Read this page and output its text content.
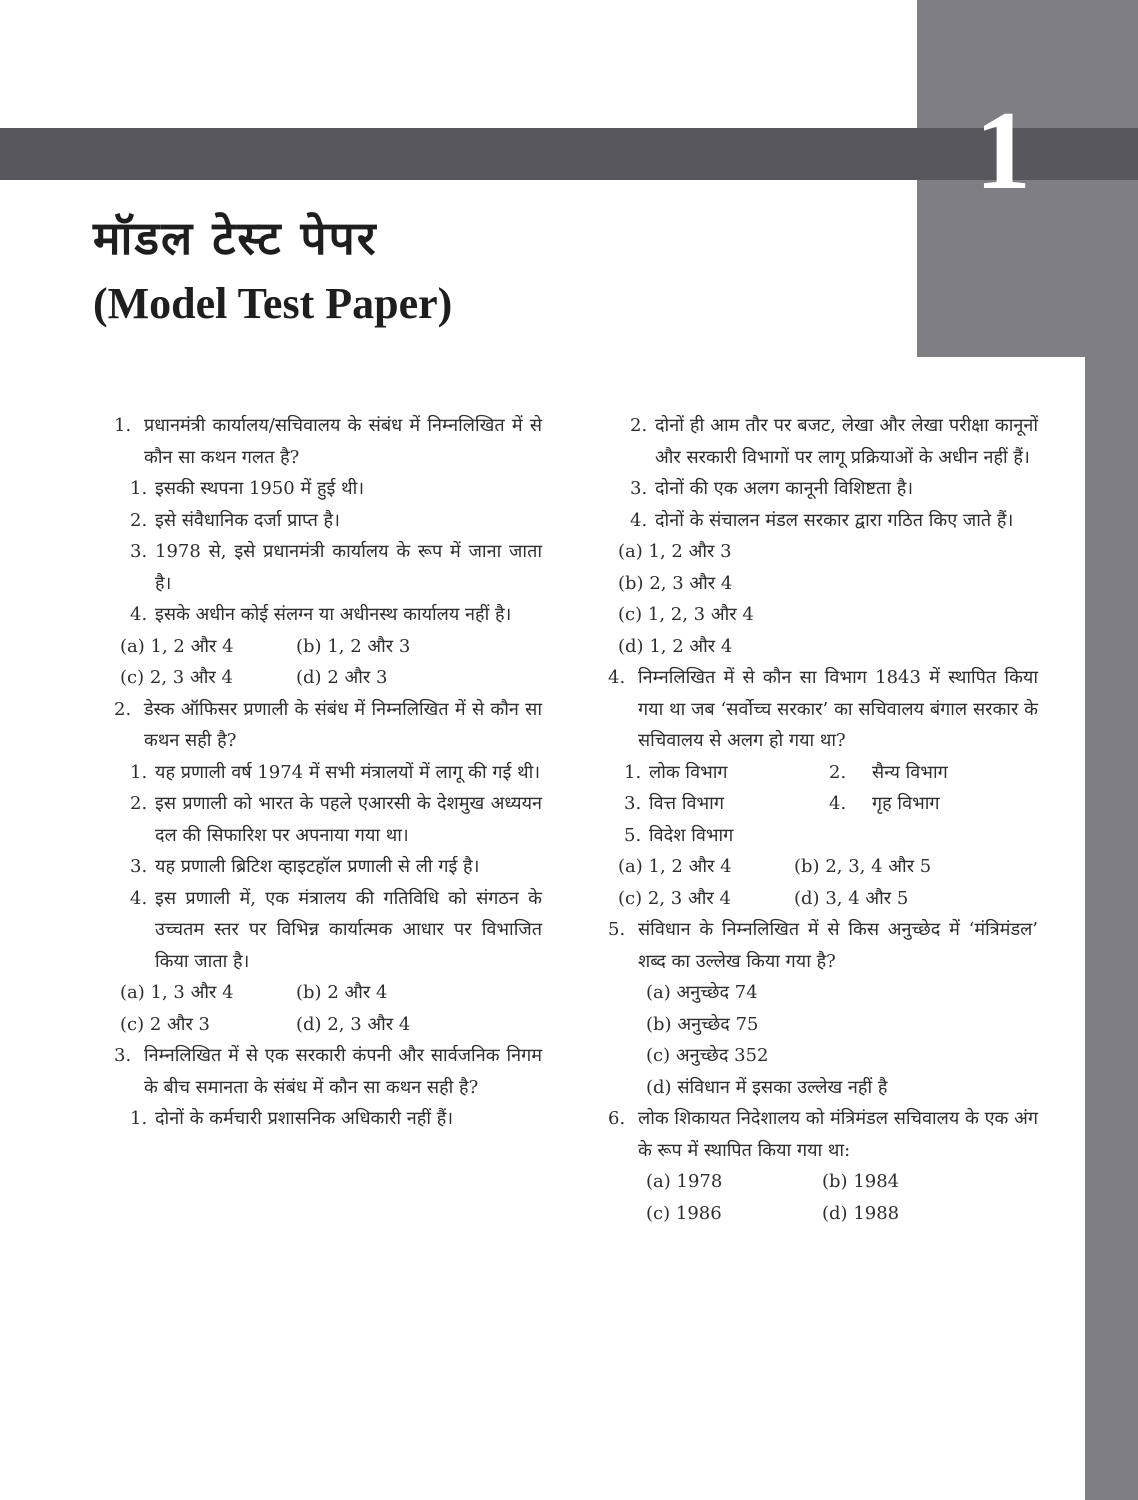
1
मॉडल टेस्ट पेपर
(Model Test Paper)
1. प्रधानमंत्री कार्यालय/सचिवालय के संबंध में निम्नलिखित में से कौन सा कथन गलत है?
1. इसकी स्थपना 1950 में हुई थी।
2. इसे संवैधानिक दर्जा प्राप्त है।
3. 1978 से, इसे प्रधानमंत्री कार्यालय के रूप में जाना जाता है।
4. इसके अधीन कोई संलग्न या अधीनस्थ कार्यालय नहीं है।
(a) 1, 2 और 4	(b) 1, 2 और 3
(c) 2, 3 और 4	(d) 2 और 3
2. डेस्क ऑफिसर प्रणाली के संबंध में निम्नलिखित में से कौन सा कथन सही है?
1. यह प्रणाली वर्ष 1974 में सभी मंत्रालयों में लागू की गई थी।
2. इस प्रणाली को भारत के पहले एआरसी के देशमुख अध्ययन दल की सिफारिश पर अपनाया गया था।
3. यह प्रणाली ब्रिटिश व्हाइटहॉल प्रणाली से ली गई है।
4. इस प्रणाली में, एक मंत्रालय की गतिविधि को संगठन के उच्चतम स्तर पर विभिन्न कार्यात्मक आधार पर विभाजित किया जाता है।
(a) 1, 3 और 4	(b) 2 और 4
(c) 2 और 3	(d) 2, 3 और 4
3. निम्नलिखित में से एक सरकारी कंपनी और सार्वजनिक निगम के बीच समानता के संबंध में कौन सा कथन सही है?
1. दोनों के कर्मचारी प्रशासनिक अधिकारी नहीं हैं।
2. दोनों ही आम तौर पर बजट, लेखा और लेखा परीक्षा कानूनों और सरकारी विभागों पर लागू प्रक्रियाओं के अधीन नहीं हैं।
3. दोनों की एक अलग कानूनी विशिष्टता है।
4. दोनों के संचालन मंडल सरकार द्वारा गठित किए जाते हैं।
(a) 1, 2 और 3
(b) 2, 3 और 4
(c) 1, 2, 3 और 4
(d) 1, 2 और 4
4. निम्नलिखित में से कौन सा विभाग 1843 में स्थापित किया गया था जब ‘सर्वोच्च सरकार’ का सचिवालय बंगाल सरकार के सचिवालय से अलग हो गया था?
1. लोक विभाग	2. सैन्य विभाग
3. वित्त विभाग	4. गृह विभाग
5. विदेश विभाग
(a) 1, 2 और 4	(b) 2, 3, 4 और 5
(c) 2, 3 और 4	(d) 3, 4 और 5
5. संविधान के निम्नलिखित में से किस अनुच्छेद में ‘मंत्रिमंडल’ शब्द का उल्लेख किया गया है?
(a) अनुच्छेद 74
(b) अनुच्छेद 75
(c) अनुच्छेद 352
(d) संविधान में इसका उल्लेख नहीं है
6. लोक शिकायत निदेशालय को मंत्रिमंडल सचिवालय के एक अंग के रूप में स्थापित किया गया था:
(a) 1978	(b) 1984
(c) 1986	(d) 1988
